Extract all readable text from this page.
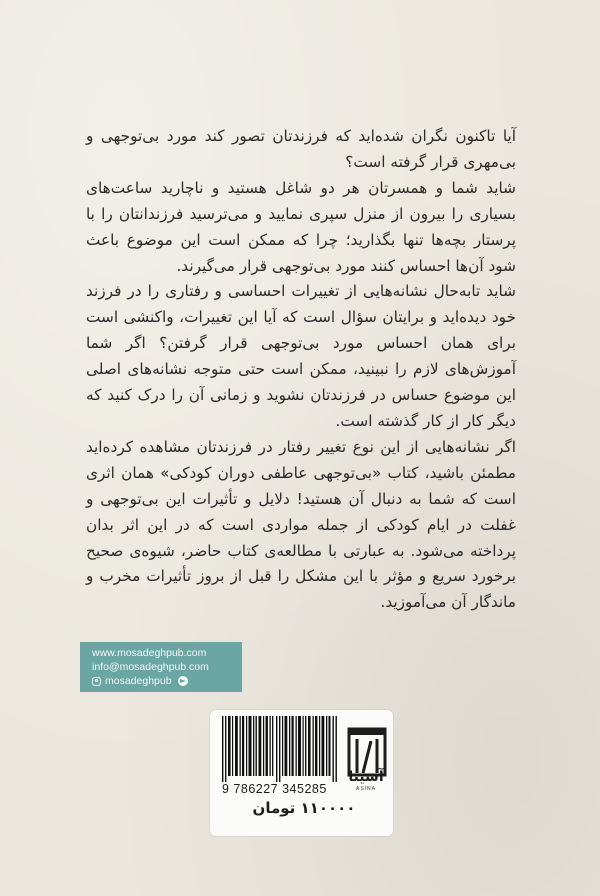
آیا تاکنون نگران شده‌اید که فرزندتان تصور کند مورد بی‌توجهی و بی‌مهری قرار گرفته است؟

شاید شما و همسرتان هر دو شاغل هستید و ناچارید ساعت‌های بسیاری را بیرون از منزل سپری نمایید و می‌ترسید فرزندانتان را با پرستار بچه‌ها تنها بگذارید؛ چرا که ممکن است این موضوع باعث شود آن‌ها احساس کنند مورد بی‌توجهی قرار می‌گیرند.

شاید تابه‌حال نشانه‌هایی از تغییرات احساسی و رفتاری را در فرزند خود دیده‌اید و برایتان سؤال است که آیا این تغییرات، واکنشی است برای همان احساس مورد بی‌توجهی قرار گرفتن؟ اگر شما آموزش‌های لازم را نبینید، ممکن است حتی متوجه نشانه‌های اصلی این موضوع حساس در فرزندتان نشوید و زمانی آن را درک کنید که دیگر کار از کار گذشته است.

اگر نشانه‌هایی از این نوع تغییر رفتار در فرزندتان مشاهده کرده‌اید مطمئن باشید، کتاب «بی‌توجهی عاطفی دوران کودکی» همان اثری است که شما به دنبال آن هستید! دلایل و تأثیرات این بی‌توجهی و غفلت در ایام کودکی از جمله مواردی است که در این اثر بدان پرداخته می‌شود. به عبارتی با مطالعه‌ی کتاب حاضر، شیوه‌ی صحیح برخورد سریع و مؤثر با این مشکل را قبل از بروز تأثیرات مخرب و ماندگار آن می‌آموزید.

www.mosadeghpub.com
info@mosadeghpub.com
mosadeghpub
9 786227 345285
آسینا
ASINA
۱۱۰۰۰۰ تومان
